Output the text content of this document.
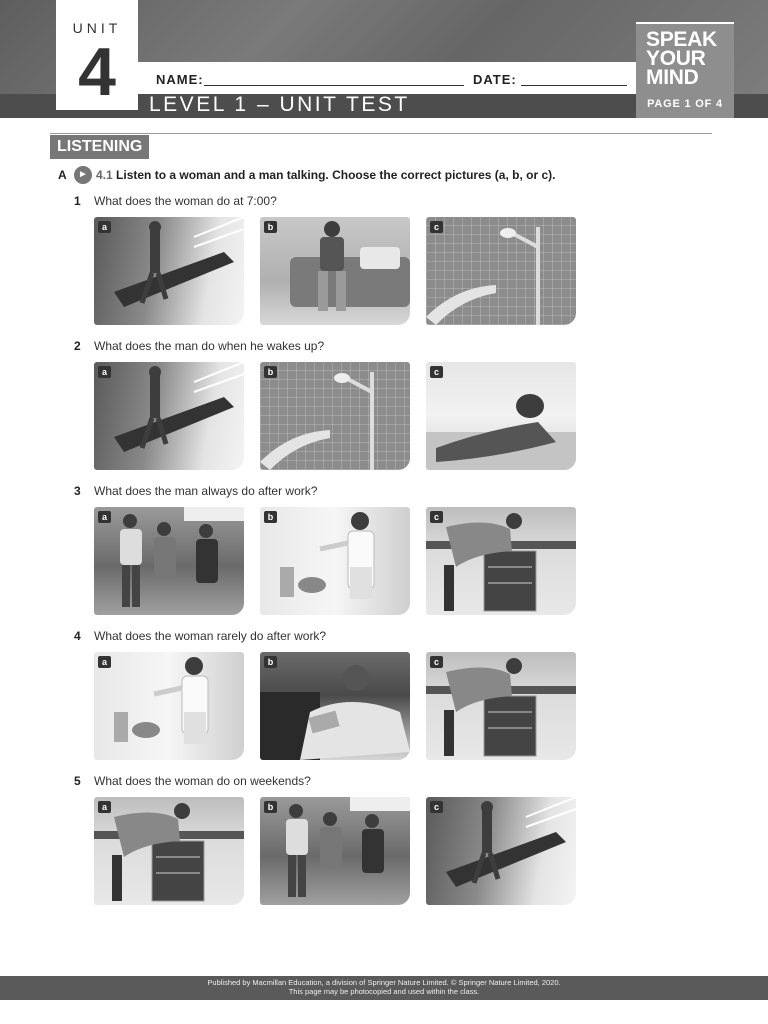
NAME:	DATE:
LEVEL 1 – UNIT TEST
UNIT
4	SPEAK
YOUR
MIND
PAGE 1 OF 4
LISTENING
A	► 4.1 Listen to a woman and a man talking. Choose the correct pictures (a, b, or c).
1 What does the woman do at 7:00?
a	b	c
2 What does the man do when he wakes up?
a	b	c
3 What does the man always do after work?
a	b	c
4 What does the woman rarely do after work?
a	b	c
5 What does the woman do on weekends?
a	b	c
Published by Macmillan Education, a division of Springer Nature Limited. © Springer Nature Limited, 2020.
This page may be photocopied and used within the class.
